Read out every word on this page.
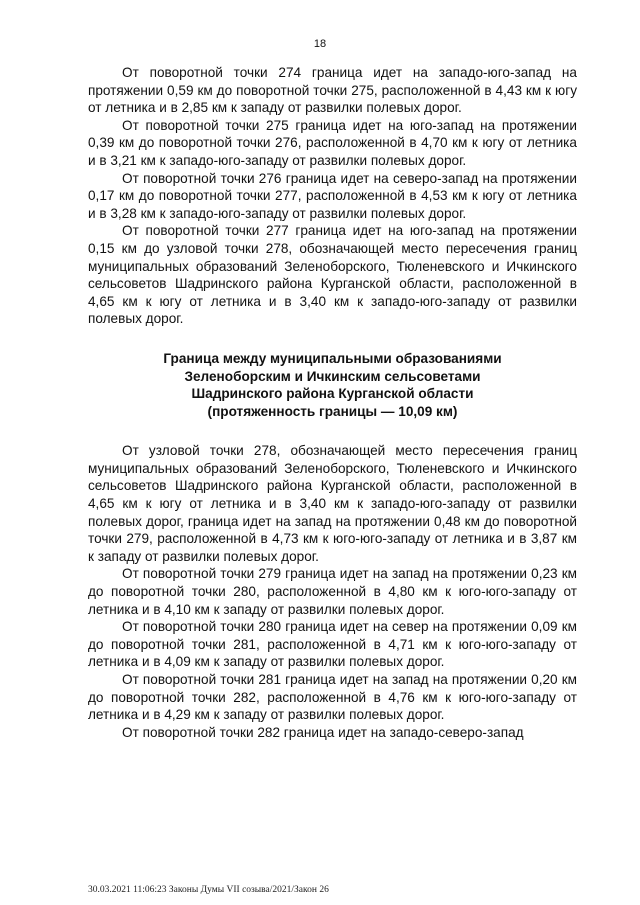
18

От поворотной точки 274 граница идет на западо-юго-запад на протяжении 0,59 км до поворотной точки 275, расположенной в 4,43 км к югу от летника и в 2,85 км к западу от развилки полевых дорог.

От поворотной точки 275 граница идет на юго-запад на протяжении 0,39 км до поворотной точки 276, расположенной в 4,70 км к югу от летника и в 3,21 км к западо-юго-западу от развилки полевых дорог.

От поворотной точки 276 граница идет на северо-запад на протяжении 0,17 км до поворотной точки 277, расположенной в 4,53 км к югу от летника и в 3,28 км к западо-юго-западу от развилки полевых дорог.

От поворотной точки 277 граница идет на юго-запад на протяжении 0,15 км до узловой точки 278, обозначающей место пересечения границ муниципальных образований Зеленоборского, Тюленевского и Ичкинского сельсоветов Шадринского района Курганской области, расположенной в 4,65 км к югу от летника и в 3,40 км к западо-юго-западу от развилки полевых дорог.

Граница между муниципальными образованиями
Зеленоборским и Ичкинским сельсоветами
Шадринского района Курганской области
(протяженность границы — 10,09 км)

От узловой точки 278, обозначающей место пересечения границ муниципальных образований Зеленоборского, Тюленевского и Ичкинского сельсоветов Шадринского района Курганской области, расположенной в 4,65 км к югу от летника и в 3,40 км к западо-юго-западу от развилки полевых дорог, граница идет на запад на протяжении 0,48 км до поворотной точки 279, расположенной в 4,73 км к юго-юго-западу от летника и в 3,87 км к западу от развилки полевых дорог.

От поворотной точки 279 граница идет на запад на протяжении 0,23 км до поворотной точки 280, расположенной в 4,80 км к юго-юго-западу от летника и в 4,10 км к западу от развилки полевых дорог.

От поворотной точки 280 граница идет на север на протяжении 0,09 км до поворотной точки 281, расположенной в 4,71 км к юго-юго-западу от летника и в 4,09 км к западу от развилки полевых дорог.

От поворотной точки 281 граница идет на запад на протяжении 0,20 км до поворотной точки 282, расположенной в 4,76 км к юго-юго-западу от летника и в 4,29 км к западу от развилки полевых дорог.

От поворотной точки 282 граница идет на западо-северо-запад

30.03.2021 11:06:23 Законы Думы VII созыва/2021/Закон 26
